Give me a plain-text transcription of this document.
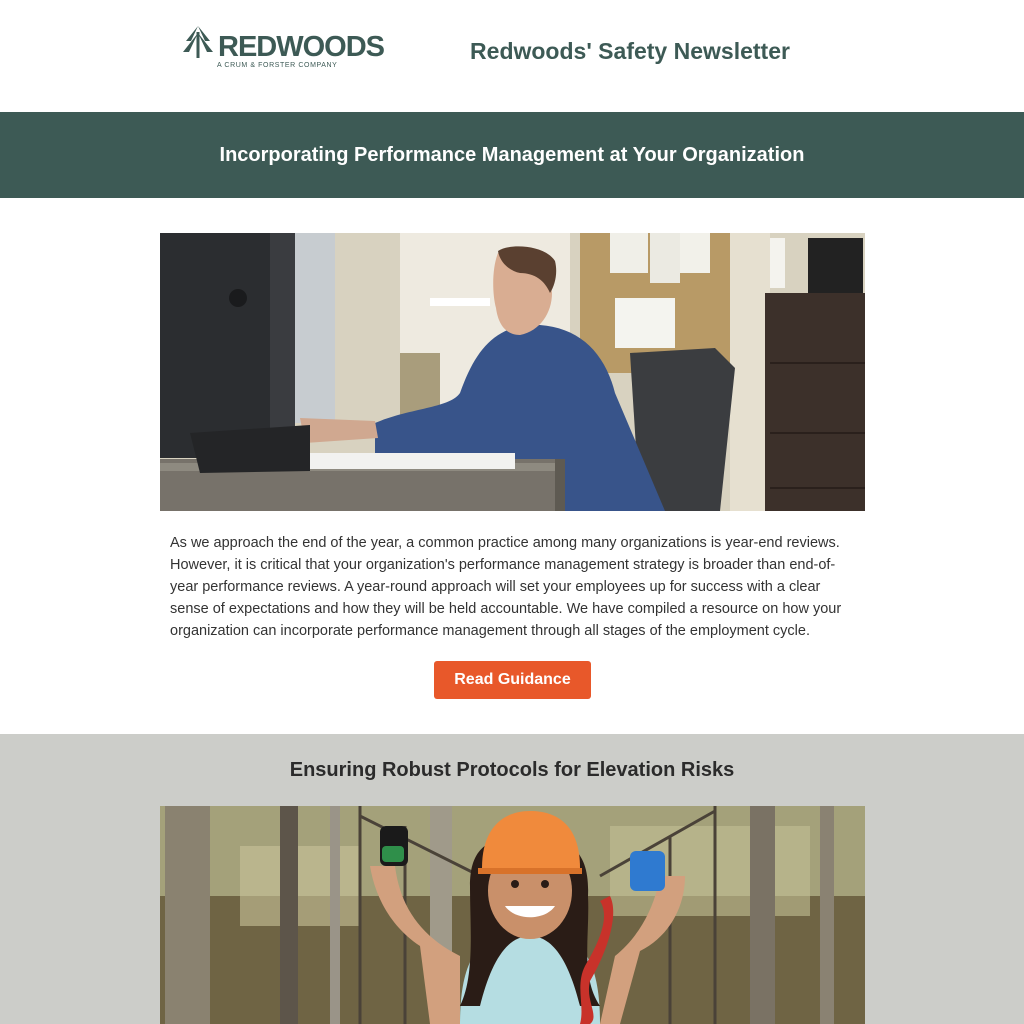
REDWOODS
A CRUM & FORSTER COMPANY
Redwoods' Safety Newsletter
Incorporating Performance Management at Your Organization

As we approach the end of the year, a common practice among many organizations is year-end reviews. However, it is critical that your organization's performance management strategy is broader than end-of-year performance reviews. A year-round approach will set your employees up for success with a clear sense of expectations and how they will be held accountable. We have compiled a resource on how your organization can incorporate performance management through all stages of the employment cycle.

Read Guidance
Ensuring Robust Protocols for Elevation Risks
